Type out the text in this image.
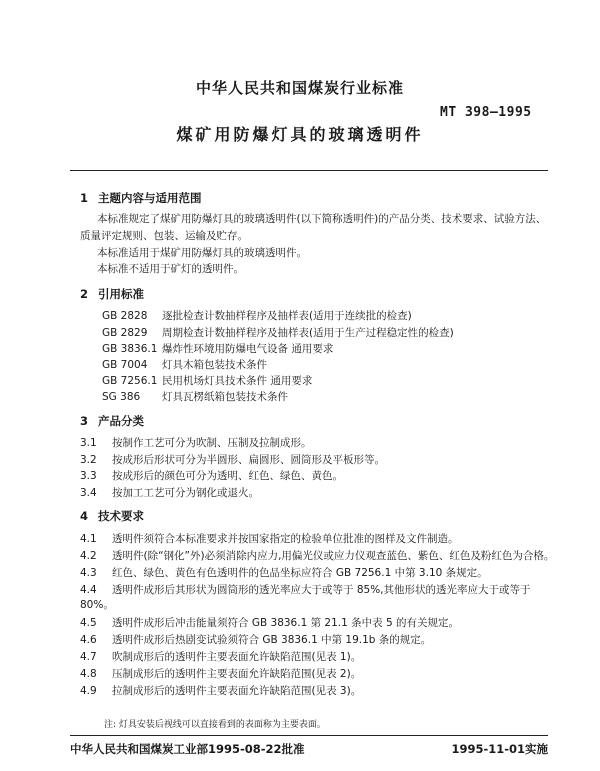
中华人民共和国煤炭行业标准
MT 398—1995
煤矿用防爆灯具的玻璃透明件
1 主题内容与适用范围
本标准规定了煤矿用防爆灯具的玻璃透明件(以下简称透明件)的产品分类、技术要求、试验方法、
质量评定规则、包装、运输及贮存。
本标准适用于煤矿用防爆灯具的玻璃透明件。
本标准不适用于矿灯的透明件。
2 引用标准
GB 2828 逐批检查计数抽样程序及抽样表(适用于连续批的检查)
GB 2829 周期检查计数抽样程序及抽样表(适用于生产过程稳定性的检查)
GB 3836.1 爆炸性环境用防爆电气设备 通用要求
GB 7004 灯具木箱包装技术条件
GB 7256.1 民用机场灯具技术条件 通用要求
SG 386 灯具瓦楞纸箱包装技术条件
3 产品分类
3.1 按制作工艺可分为吹制、压制及拉制成形。
3.2 按成形后形状可分为半圆形、扁圆形、圆筒形及平板形等。
3.3 按成形后的颜色可分为透明、红色、绿色、黄色。
3.4 按加工工艺可分为钢化或退火。
4 技术要求
4.1 透明件须符合本标准要求并按国家指定的检验单位批准的图样及文件制造。
4.2 透明件(除“钢化”外)必须消除内应力,用偏光仪或应力仪观查蓝色、紫色、红色及粉红色为合格。
4.3 红色、绿色、黄色有色透明件的色品坐标应符合 GB 7256.1 中第 3.10 条规定。
4.4 透明件成形后其形状为圆筒形的透光率应大于或等于 85%,其他形状的透光率应大于或等于
80%。
4.5 透明件成形后冲击能量须符合 GB 3836.1 第 21.1 条中表 5 的有关规定。
4.6 透明件成形后热剧变试验须符合 GB 3836.1 中第 19.1b 条的规定。
4.7 吹制成形后的透明件主要表面允许缺陷范围(见表 1)。
4.8 压制成形后的透明件主要表面允许缺陷范围(见表 2)。
4.9 拉制成形后的透明件主要表面允许缺陷范围(见表 3)。
注: 灯具安装后视线可以直接看到的表面称为主要表面。
中华人民共和国煤炭工业部1995-08-22批准	1995-11-01实施
